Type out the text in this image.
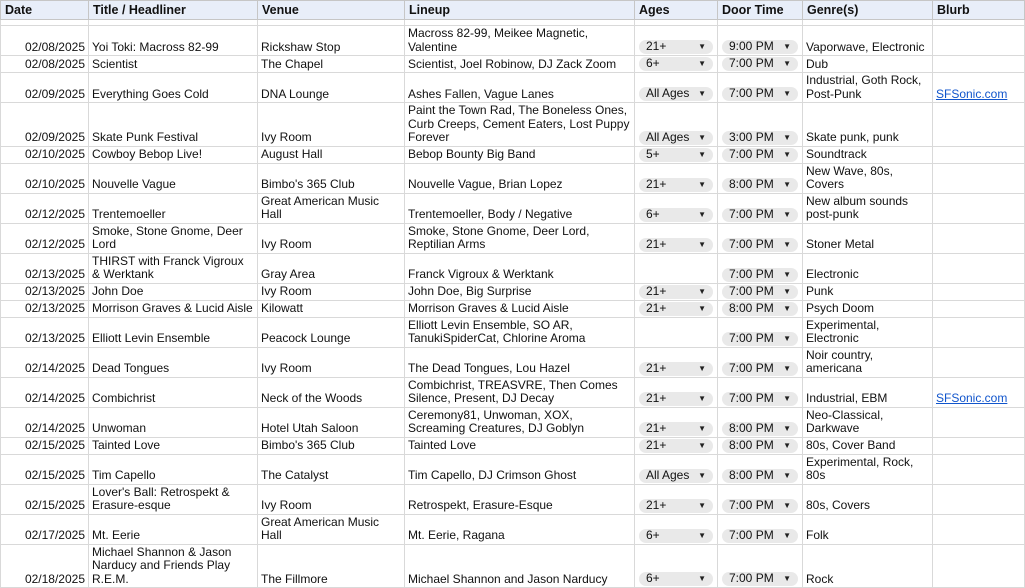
Date	Title / Headliner	Venue	Lineup	Ages	Door Time	Genre(s)	Blurb

02/08/2025	Yoi Toki: Macross 82-99	Rickshaw Stop	Macross 82-99, Meikee Magnetic, Valentine	21+ ▼	9:00 PM ▼	Vaporwave, Electronic	
02/08/2025	Scientist	The Chapel	Scientist, Joel Robinow, DJ Zack Zoom	6+ ▼	7:00 PM ▼	Dub	
02/09/2025	Everything Goes Cold	DNA Lounge	Ashes Fallen, Vague Lanes	All Ages ▼	7:00 PM ▼	Industrial, Goth Rock, Post-Punk	SFSonic.com
02/09/2025	Skate Punk Festival	Ivy Room	Paint the Town Rad, The Boneless Ones, Curb Creeps, Cement Eaters, Lost Puppy Forever	All Ages ▼	3:00 PM ▼	Skate punk, punk	
02/10/2025	Cowboy Bebop Live!	August Hall	Bebop Bounty Big Band	5+ ▼	7:00 PM ▼	Soundtrack	
02/10/2025	Nouvelle Vague	Bimbo's 365 Club	Nouvelle Vague, Brian Lopez	21+ ▼	8:00 PM ▼	New Wave, 80s, Covers	
02/12/2025	Trentemoeller	Great American Music Hall	Trentemoeller, Body / Negative	6+ ▼	7:00 PM ▼	New album sounds post-punk	
02/12/2025	Smoke, Stone Gnome, Deer Lord	Ivy Room	Smoke, Stone Gnome, Deer Lord, Reptilian Arms	21+ ▼	7:00 PM ▼	Stoner Metal	
02/13/2025	THIRST with Franck Vigroux & Werktank	Gray Area	Franck Vigroux & Werktank		7:00 PM ▼	Electronic	
02/13/2025	John Doe	Ivy Room	John Doe, Big Surprise	21+ ▼	7:00 PM ▼	Punk	
02/13/2025	Morrison Graves & Lucid Aisle	Kilowatt	Morrison Graves & Lucid Aisle	21+ ▼	8:00 PM ▼	Psych Doom	
02/13/2025	Elliott Levin Ensemble	Peacock Lounge	Elliott Levin Ensemble, SO AR, TanukiSpiderCat, Chlorine Aroma		7:00 PM ▼	Experimental, Electronic	
02/14/2025	Dead Tongues	Ivy Room	The Dead Tongues, Lou Hazel	21+ ▼	7:00 PM ▼	Noir country, americana	
02/14/2025	Combichrist	Neck of the Woods	Combichrist, TREASVRE, Then Comes Silence, Present, DJ Decay	21+ ▼	7:00 PM ▼	Industrial, EBM	SFSonic.com
02/14/2025	Unwoman	Hotel Utah Saloon	Ceremony81, Unwoman, XOX, Screaming Creatures, DJ Goblyn	21+ ▼	8:00 PM ▼	Neo-Classical, Darkwave	
02/15/2025	Tainted Love	Bimbo's 365 Club	Tainted Love	21+ ▼	8:00 PM ▼	80s, Cover Band	
02/15/2025	Tim Capello	The Catalyst	Tim Capello, DJ Crimson Ghost	All Ages ▼	8:00 PM ▼	Experimental, Rock, 80s	
02/15/2025	Lover's Ball: Retrospekt & Erasure-esque	Ivy Room	Retrospekt, Erasure-Esque	21+ ▼	7:00 PM ▼	80s, Covers	
02/17/2025	Mt. Eerie	Great American Music Hall	Mt. Eerie, Ragana	6+ ▼	7:00 PM ▼	Folk	
02/18/2025	Michael Shannon & Jason Narducy and Friends Play R.E.M.	The Fillmore	Michael Shannon and Jason Narducy	6+ ▼	7:00 PM ▼	Rock	
